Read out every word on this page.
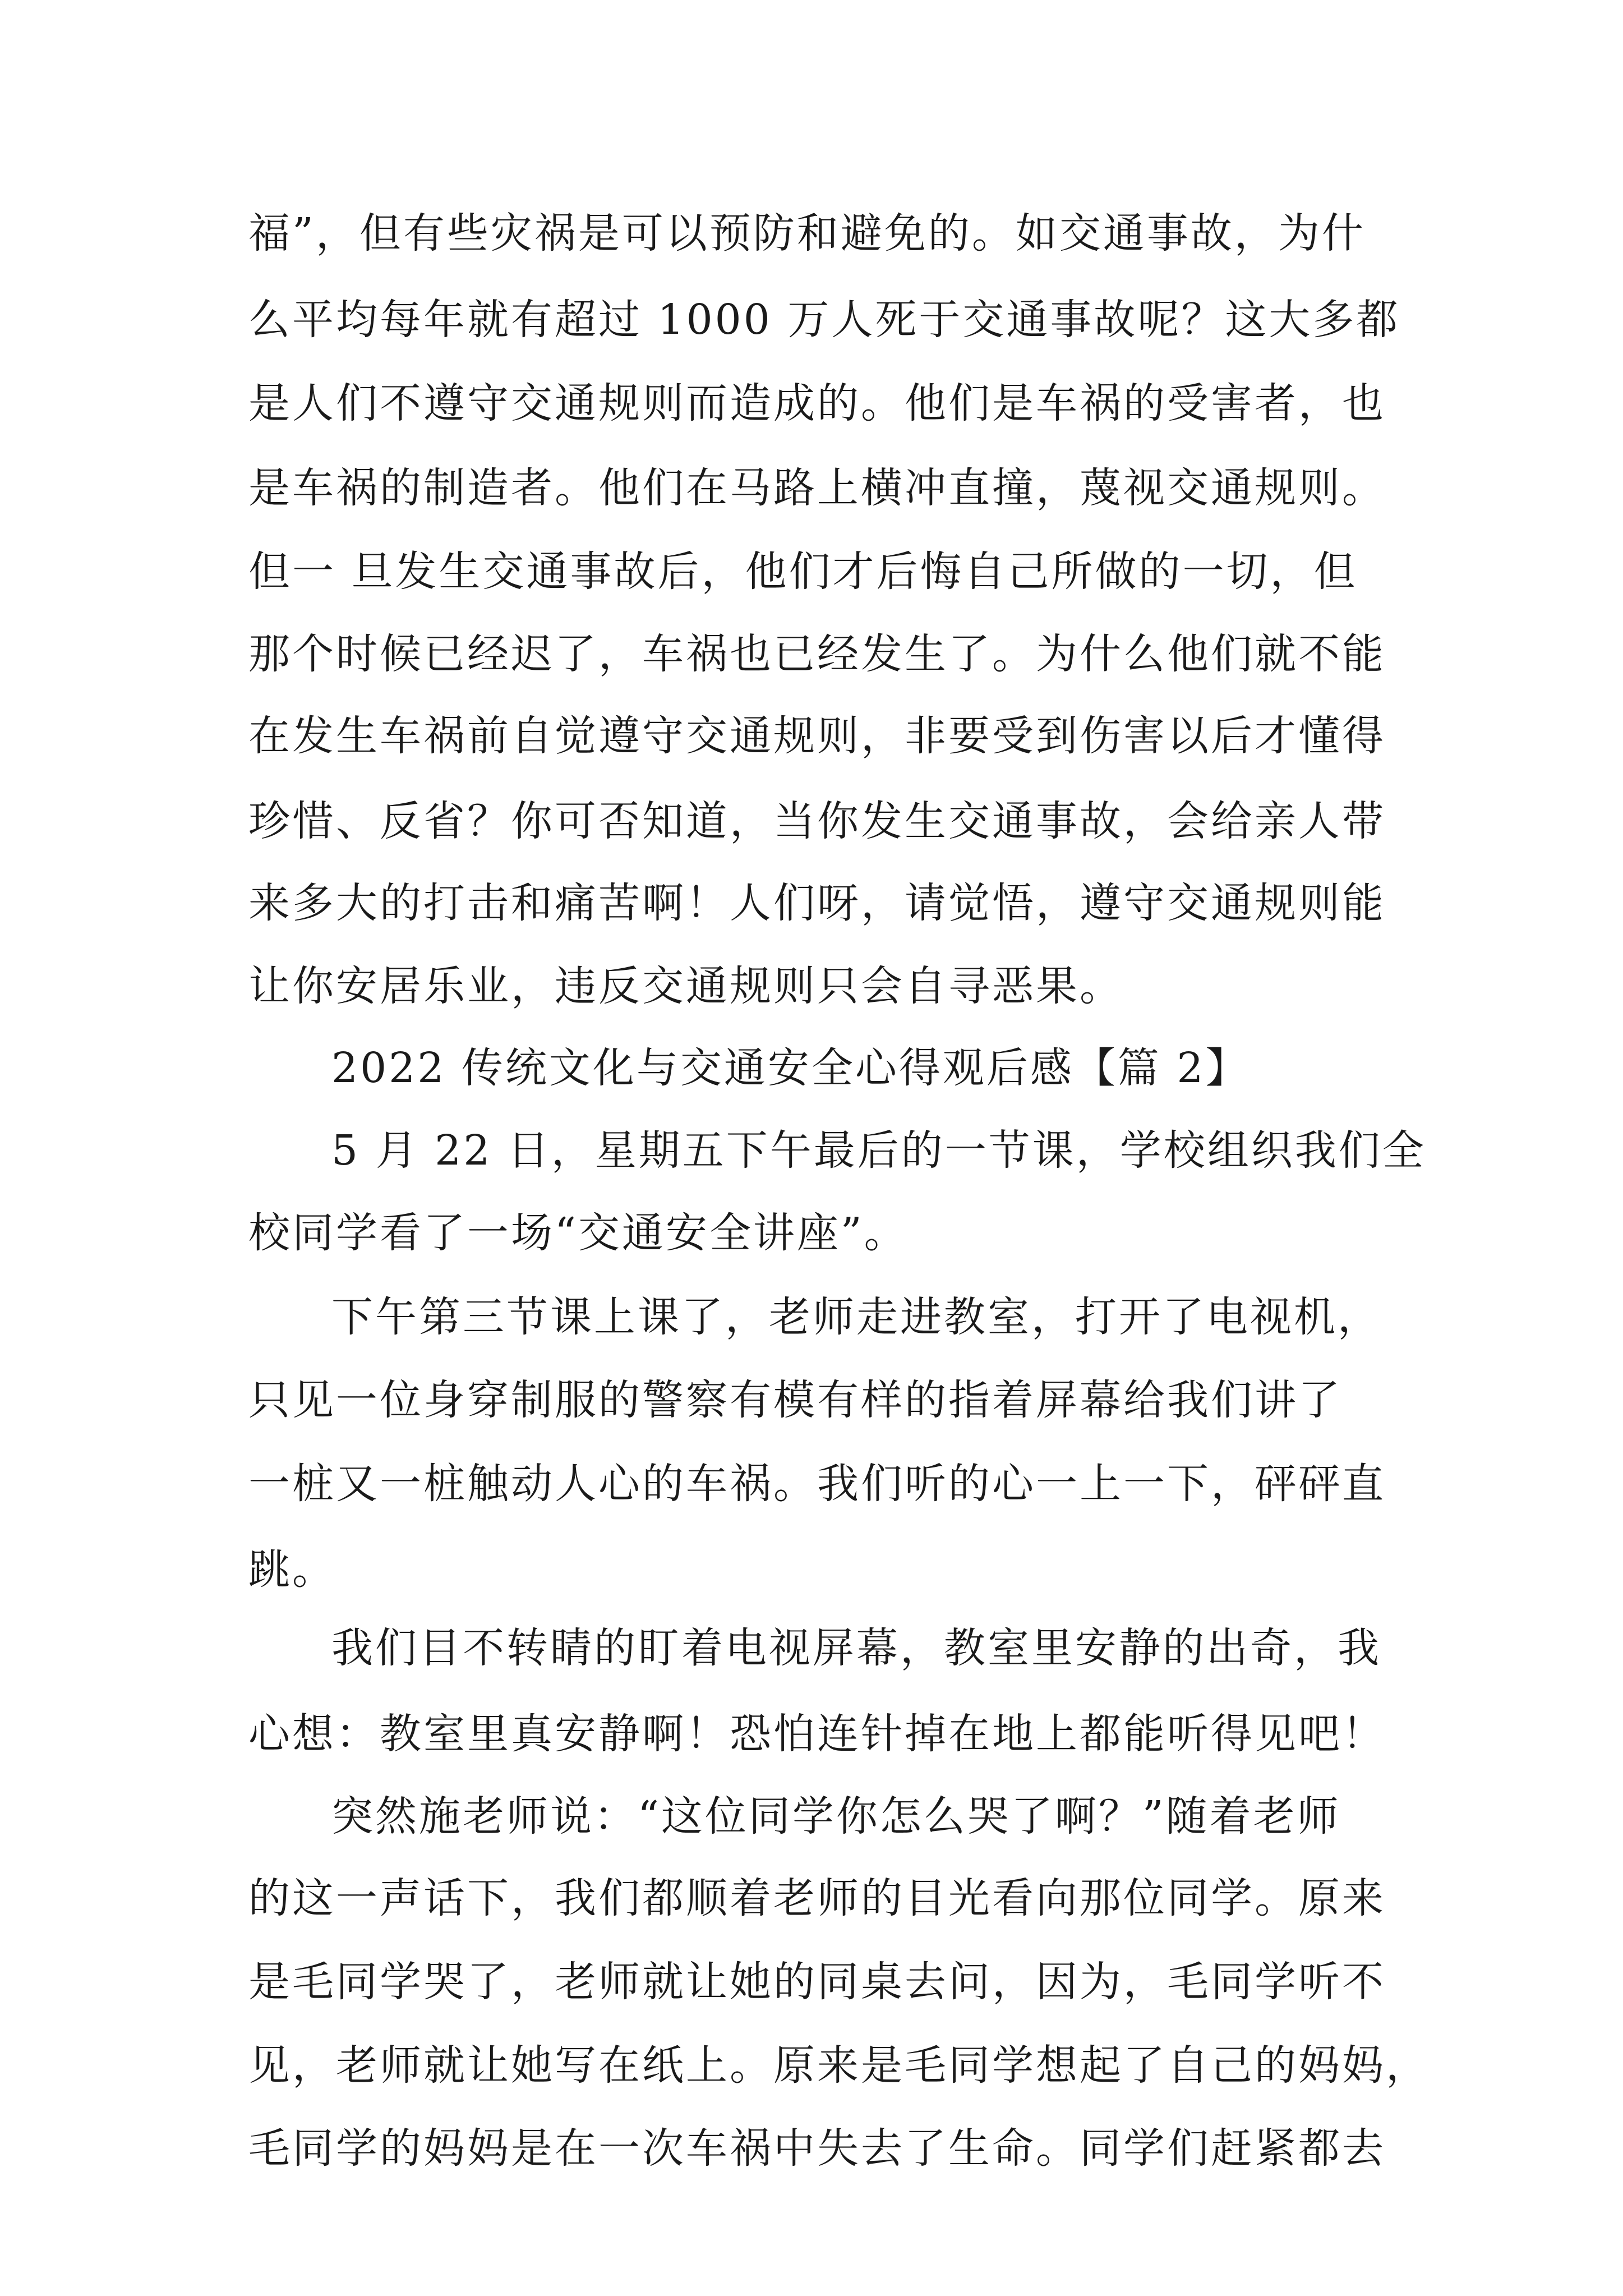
福”，但有些灾祸是可以预防和避免的。如交通事故，为什

么平均每年就有超过 1000 万人死于交通事故呢？这大多都

是人们不遵守交通规则而造成的。他们是车祸的受害者，也

是车祸的制造者。他们在马路上横冲直撞，蔑视交通规则。

但一 旦发生交通事故后，他们才后悔自己所做的一切，但

那个时候已经迟了，车祸也已经发生了。为什么他们就不能

在发生车祸前自觉遵守交通规则，非要受到伤害以后才懂得

珍惜、反省？你可否知道，当你发生交通事故，会给亲人带

来多大的打击和痛苦啊！人们呀，请觉悟，遵守交通规则能

让你安居乐业，违反交通规则只会自寻恶果。

2022 传统文化与交通安全心得观后感【篇 2】

5 月 22 日，星期五下午最后的一节课，学校组织我们全

校同学看了一场“交通安全讲座”。

下午第三节课上课了，老师走进教室，打开了电视机，

只见一位身穿制服的警察有模有样的指着屏幕给我们讲了

一桩又一桩触动人心的车祸。我们听的心一上一下，砰砰直

跳。

我们目不转睛的盯着电视屏幕，教室里安静的出奇，我

心想：教室里真安静啊！恐怕连针掉在地上都能听得见吧！

突然施老师说：“这位同学你怎么哭了啊？”随着老师

的这一声话下，我们都顺着老师的目光看向那位同学。原来

是毛同学哭了，老师就让她的同桌去问，因为，毛同学听不

见，老师就让她写在纸上。原来是毛同学想起了自己的妈妈，

毛同学的妈妈是在一次车祸中失去了生命。同学们赶紧都去
